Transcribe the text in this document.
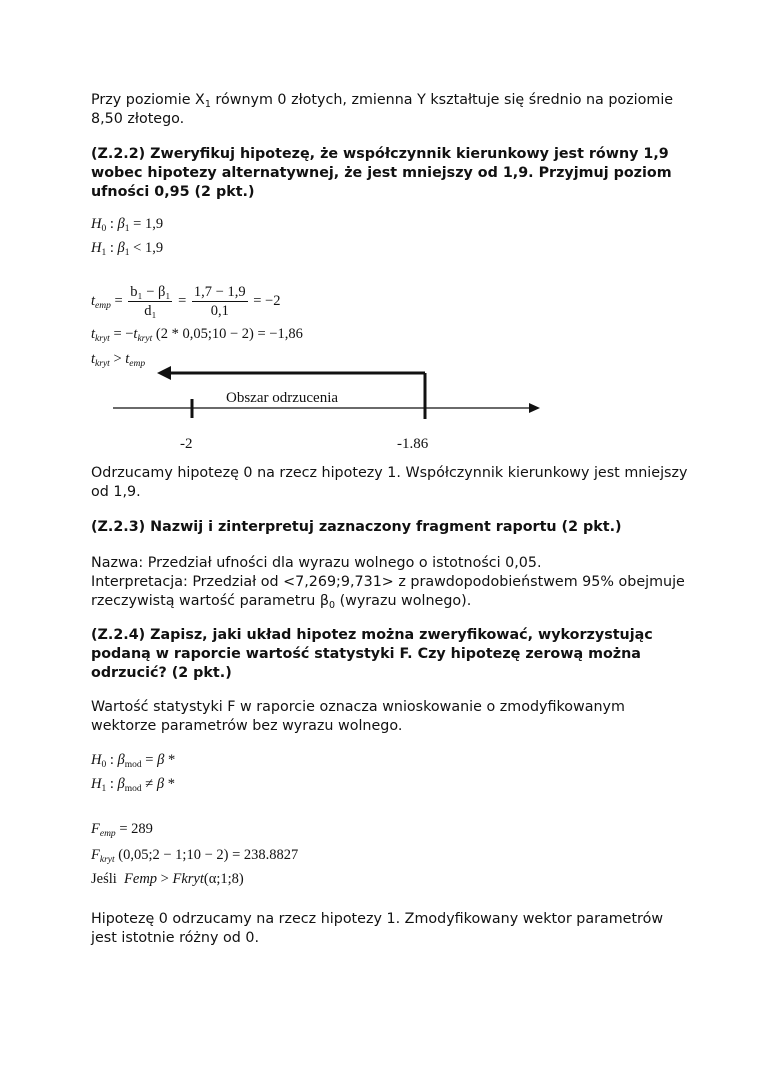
Przy poziomie $X_1$ równym 0 złotych, zmienna Y kształtuje się średnio na poziomie 8,50 złotego.

(Z.2.2) Zweryfikuj hipotezę, że współczynnik kierunkowy jest równy 1,9 wobec hipotezy alternatywnej, że jest mniejszy od 1,9. Przyjmuj poziom ufności 0,95 (2 pkt.)

$H_0$ : $\beta_1 = 1,9$
$H_1$ : $\beta_1 < 1,9$
$t_{emp} = \frac{\text{b₁ − β₁}}{\text{d₁}} = \frac{1,7 - 1,9}{0,1} = -2$
$t_{kryt} = -t_{kryt}$ (2 * 0,05;10 − 2) = −1,86
$t_{kryt} > t_{emp}$
Obszar odrzucenia
-2	-1.86

Odrzucamy hipotezę 0 na rzecz hipotezy 1. Współczynnik kierunkowy jest mniejszy od 1,9.

(Z.2.3) Nazwij i zinterpretuj zaznaczony fragment raportu (2 pkt.)

Nazwa: Przedział ufności dla wyrazu wolnego o istotności 0,05.

Interpretacja: Przedział od <7,269;9,731> z prawdopodobieństwem 95% obejmuje rzeczywistą wartość parametru $\beta_0$ (wyrazu wolnego).

(Z.2.4) Zapisz, jaki układ hipotez można zweryfikować, wykorzystując podaną w raporcie wartość statystyki F. Czy hipotezę zerową można odrzucić? (2 pkt.)

Wartość statystyki F w raporcie oznacza wnioskowanie o zmodyfikowanym wektorze parametrów bez wyrazu wolnego.

$H_0$ : $\beta_{mod} = \beta$ *
$H_1$ : $\beta_{mod} \ne \beta$ *
$F_{emp} = 289$
$F_{kryt}$ (0,05;2 − 1;10 − 2) = 238.8827
Jeśli Femp > Fkryt(α;1;8)

Hipotezę 0 odrzucamy na rzecz hipotezy 1. Zmodyfikowany wektor parametrów jest istotnie różny od 0.
